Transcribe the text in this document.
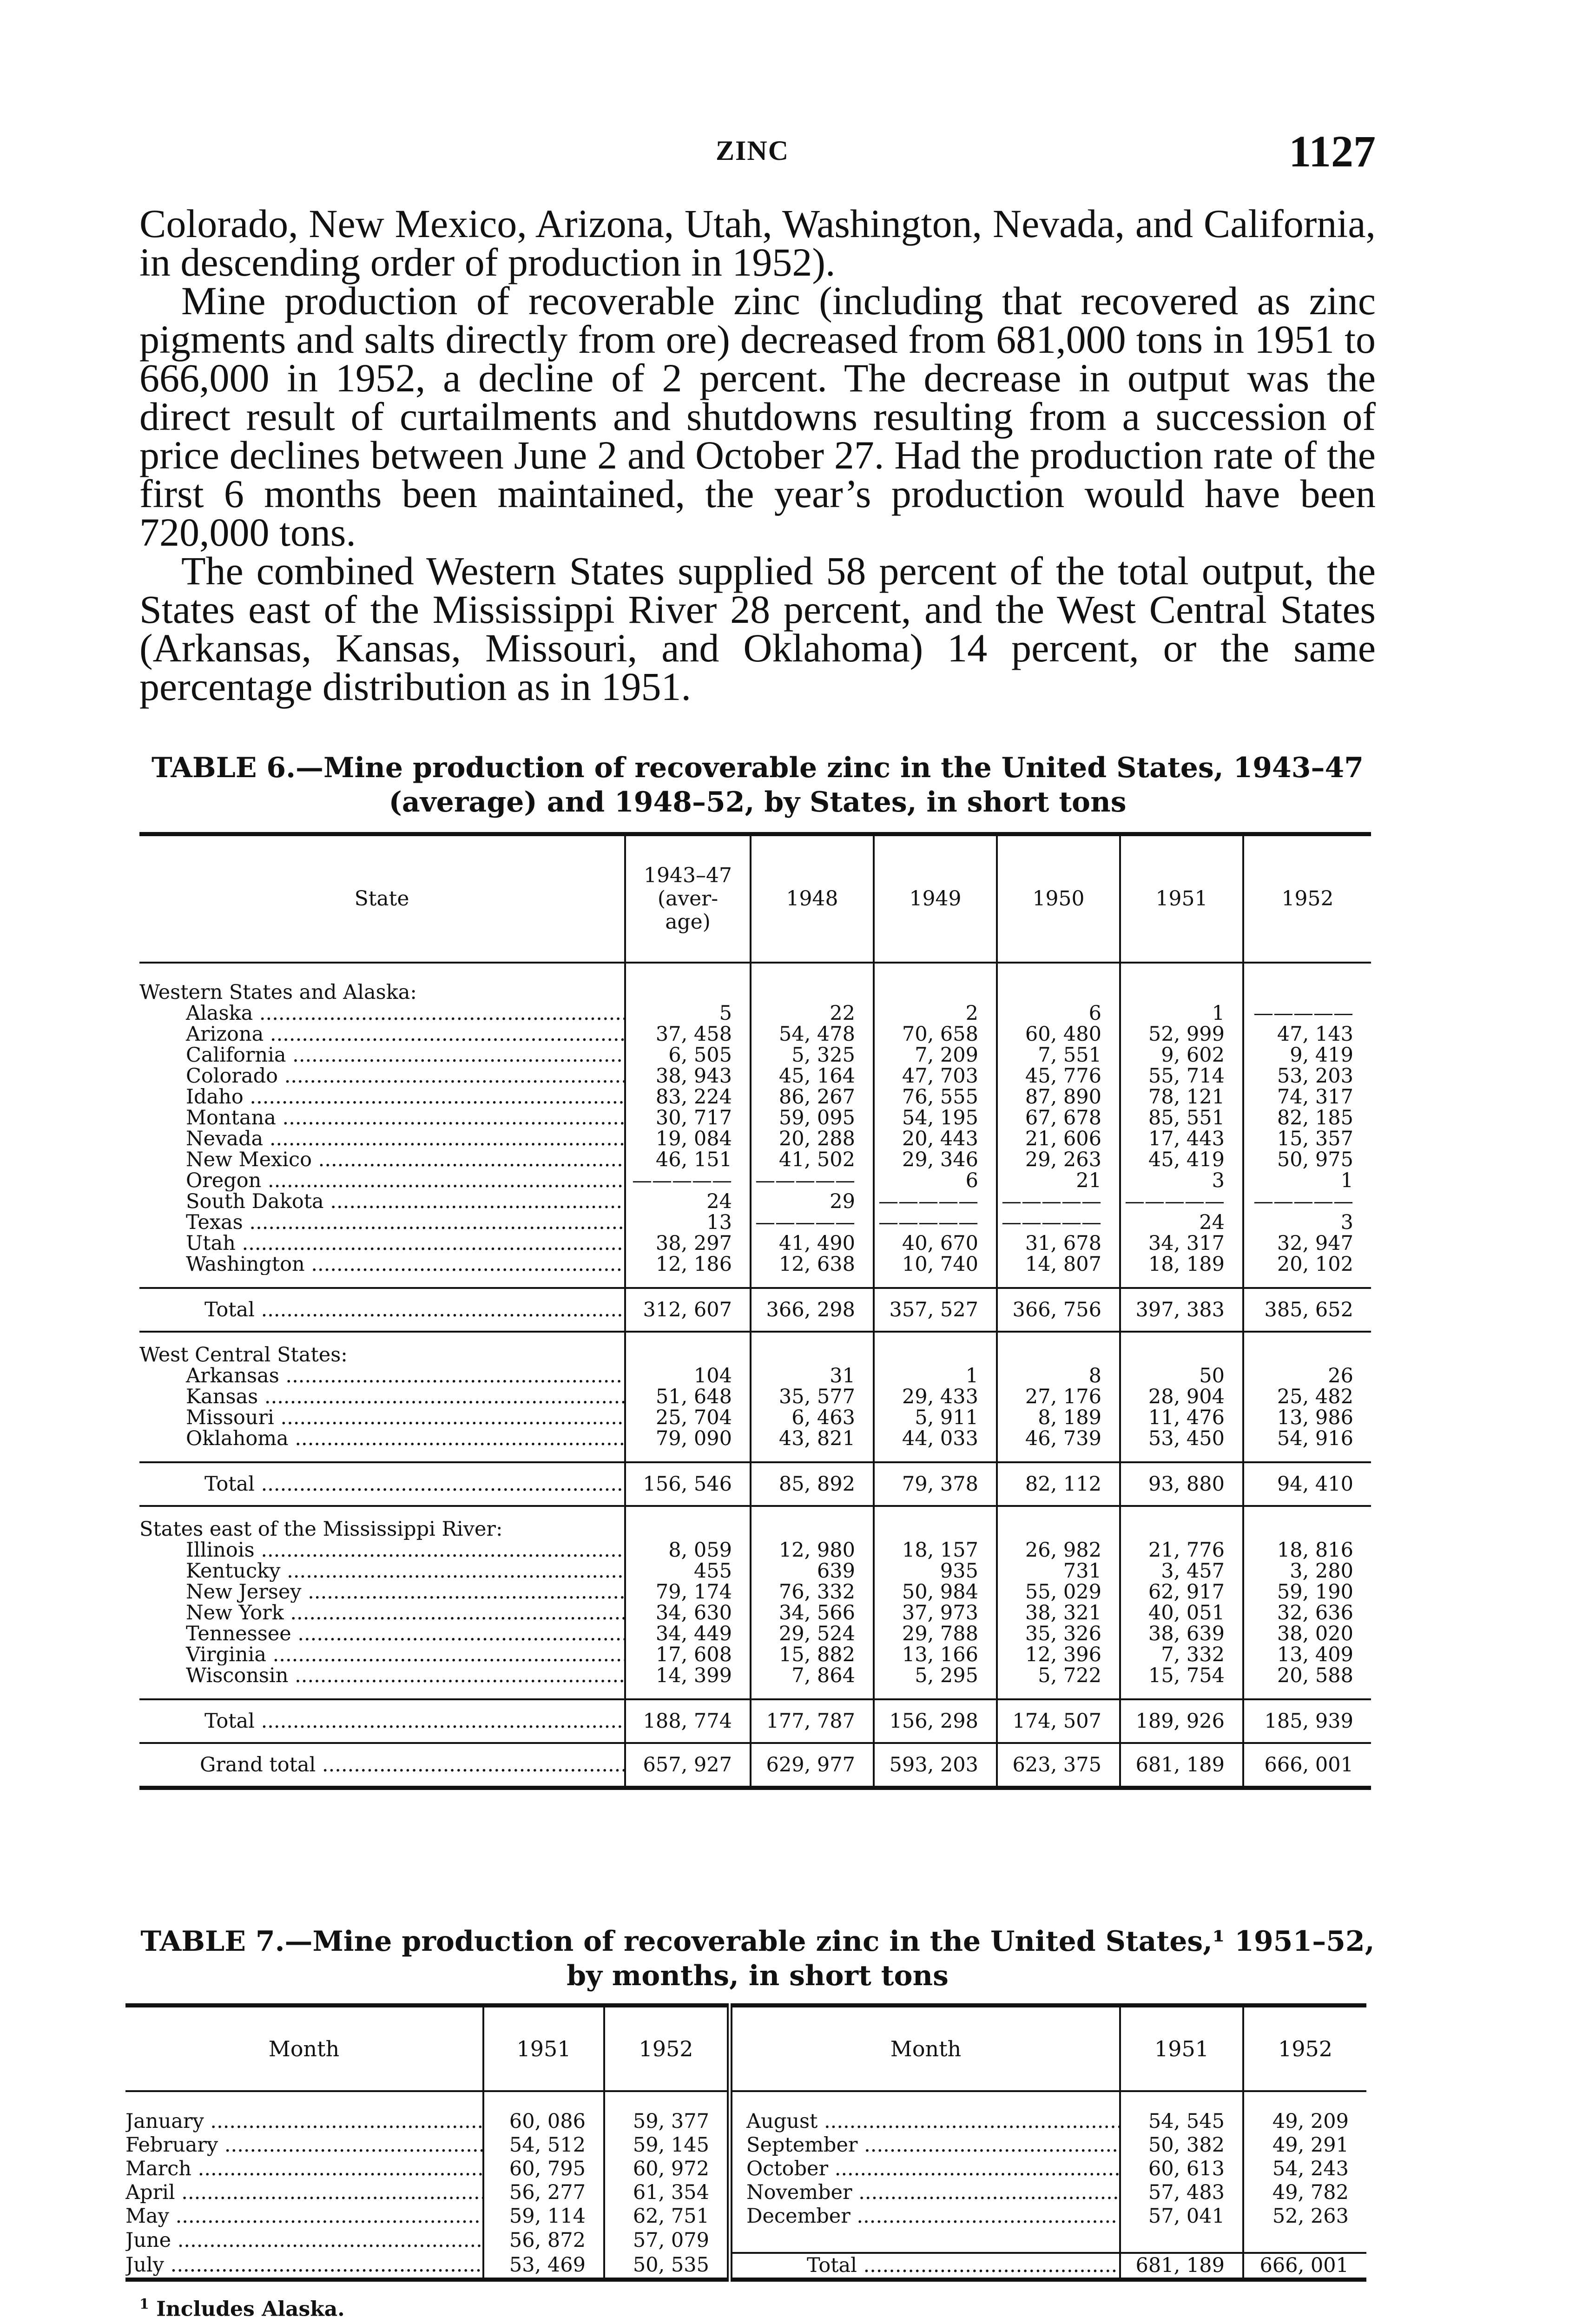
ZINC	1127

Colorado, New Mexico, Arizona, Utah, Washington, Nevada, and California, in descending order of production in 1952).

Mine production of recoverable zinc (including that recovered as zinc pigments and salts directly from ore) decreased from 681,000 tons in 1951 to 666,000 in 1952, a decline of 2 percent. The decrease in output was the direct result of curtailments and shutdowns resulting from a succession of price declines between June 2 and October 27. Had the production rate of the first 6 months been maintained, the year’s production would have been 720,000 tons.

The combined Western States supplied 58 percent of the total output, the States east of the Mississippi River 28 percent, and the West Central States (Arkansas, Kansas, Missouri, and Oklahoma) 14 percent, or the same percentage distribution as in 1951.

TABLE 6.—Mine production of recoverable zinc in the United States, 1943–47
(average) and 1948–52, by States, in short tons
State	1943–47
(aver-
age)	1948	1949	1950	1951	1952

Western States and Alaska:						
Alaska .....	5	22	2	6	1	—————
Arizona .....	37, 458	54, 478	70, 658	60, 480	52, 999	47, 143
California .....	6, 505	5, 325	7, 209	7, 551	9, 602	9, 419
Colorado .....	38, 943	45, 164	47, 703	45, 776	55, 714	53, 203
Idaho .....	83, 224	86, 267	76, 555	87, 890	78, 121	74, 317
Montana .....	30, 717	59, 095	54, 195	67, 678	85, 551	82, 185
Nevada .....	19, 084	20, 288	20, 443	21, 606	17, 443	15, 357
New Mexico .....	46, 151	41, 502	29, 346	29, 263	45, 419	50, 975
Oregon .....	—————	—————	6	21	3	1
South Dakota .....	24	29	—————	—————	—————	—————
Texas .....	13	—————	—————	—————	24	3
Utah .....	38, 297	41, 490	40, 670	31, 678	34, 317	32, 947
Washington .....	12, 186	12, 638	10, 740	14, 807	18, 189	20, 102

Total .....	312, 607	366, 298	357, 527	366, 756	397, 383	385, 652

West Central States:						
Arkansas .....	104	31	1	8	50	26
Kansas .....	51, 648	35, 577	29, 433	27, 176	28, 904	25, 482
Missouri .....	25, 704	6, 463	5, 911	8, 189	11, 476	13, 986
Oklahoma .....	79, 090	43, 821	44, 033	46, 739	53, 450	54, 916

Total .....	156, 546	85, 892	79, 378	82, 112	93, 880	94, 410

States east of the Mississippi River:						
Illinois .....	8, 059	12, 980	18, 157	26, 982	21, 776	18, 816
Kentucky .....	455	639	935	731	3, 457	3, 280
New Jersey .....	79, 174	76, 332	50, 984	55, 029	62, 917	59, 190
New York .....	34, 630	34, 566	37, 973	38, 321	40, 051	32, 636
Tennessee .....	34, 449	29, 524	29, 788	35, 326	38, 639	38, 020
Virginia .....	17, 608	15, 882	13, 166	12, 396	7, 332	13, 409
Wisconsin .....	14, 399	7, 864	5, 295	5, 722	15, 754	20, 588

Total .....	188, 774	177, 787	156, 298	174, 507	189, 926	185, 939
Grand total .....	657, 927	629, 977	593, 203	623, 375	681, 189	666, 001
TABLE 7.—Mine production of recoverable zinc in the United States,¹ 1951–52,
by months, in short tons
Month	1951	1952	Month	1951	1952

January .....	60, 086	59, 377	August .....	54, 545	49, 209
February .....	54, 512	59, 145	September .....	50, 382	49, 291
March .....	60, 795	60, 972	October .....	60, 613	54, 243
April .....	56, 277	61, 354	November .....	57, 483	49, 782
May .....	59, 114	62, 751	December .....	57, 041	52, 263
June .....	56, 872	57, 079			
July .....	53, 469	50, 535	Total .....	681, 189	666, 001
$^1$ Includes Alaska.
